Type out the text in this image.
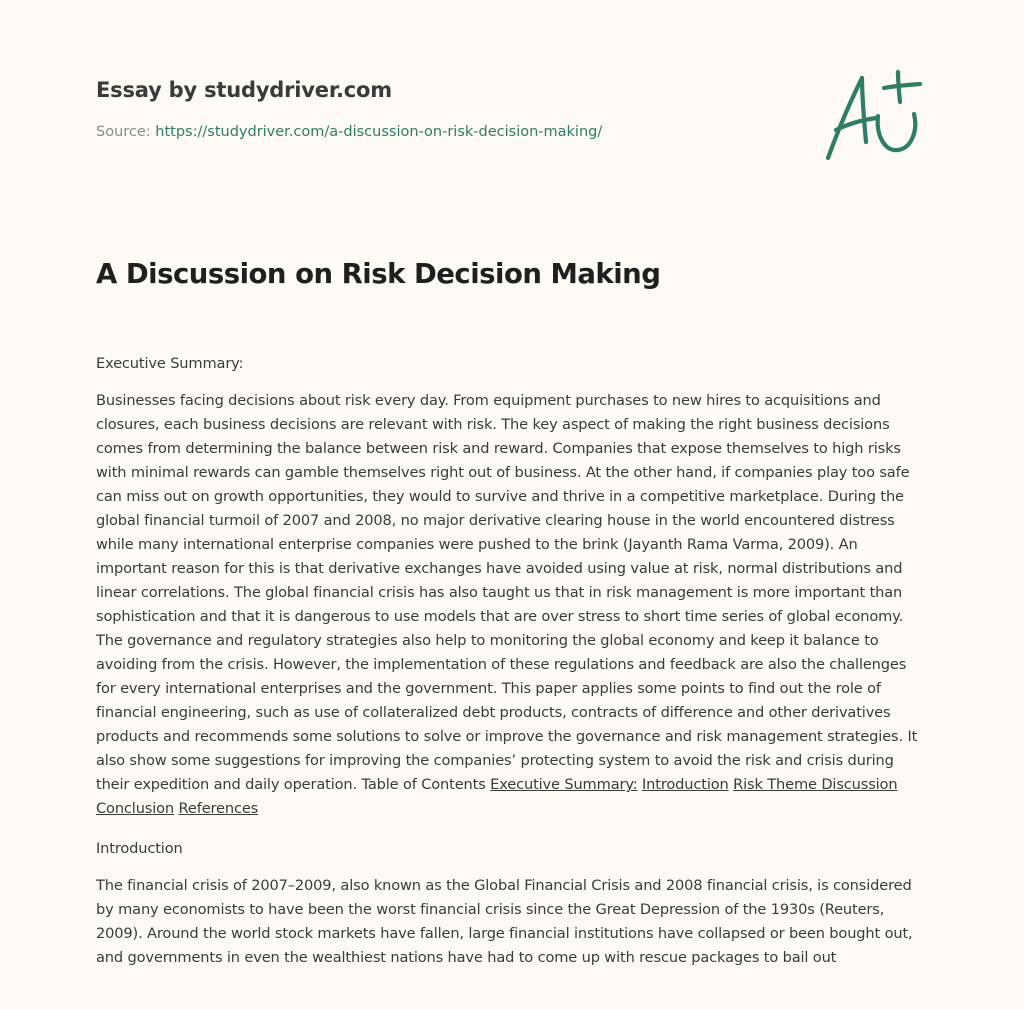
Essay by studydriver.com

Source: https://studydriver.com/a-discussion-on-risk-decision-making/
A Discussion on Risk Decision Making

Executive Summary:

Businesses facing decisions about risk every day. From equipment purchases to new hires to acquisitions and closures, each business decisions are relevant with risk. The key aspect of making the right business decisions comes from determining the balance between risk and reward. Companies that expose themselves to high risks with minimal rewards can gamble themselves right out of business. At the other hand, if companies play too safe can miss out on growth opportunities, they would to survive and thrive in a competitive marketplace. During the global financial turmoil of 2007 and 2008, no major derivative clearing house in the world encountered distress while many international enterprise companies were pushed to the brink (Jayanth Rama Varma, 2009). An important reason for this is that derivative exchanges have avoided using value at risk, normal distributions and linear correlations. The global financial crisis has also taught us that in risk management is more important than sophistication and that it is dangerous to use models that are over stress to short time series of global economy. The governance and regulatory strategies also help to monitoring the global economy and keep it balance to avoiding from the crisis. However, the implementation of these regulations and feedback are also the challenges for every international enterprises and the government. This paper applies some points to find out the role of financial engineering, such as use of collateralized debt products, contracts of difference and other derivatives products and recommends some solutions to solve or improve the governance and risk management strategies. It also show some suggestions for improving the companies’ protecting system to avoid the risk and crisis during their expedition and daily operation. Table of Contents Executive Summary: Introduction Risk Theme Discussion Conclusion References

Introduction

The financial crisis of 2007–2009, also known as the Global Financial Crisis and 2008 financial crisis, is considered by many economists to have been the worst financial crisis since the Great Depression of the 1930s (Reuters, 2009). Around the world stock markets have fallen, large financial institutions have collapsed or been bought out, and governments in even the wealthiest nations have had to come up with rescue packages to bail out
